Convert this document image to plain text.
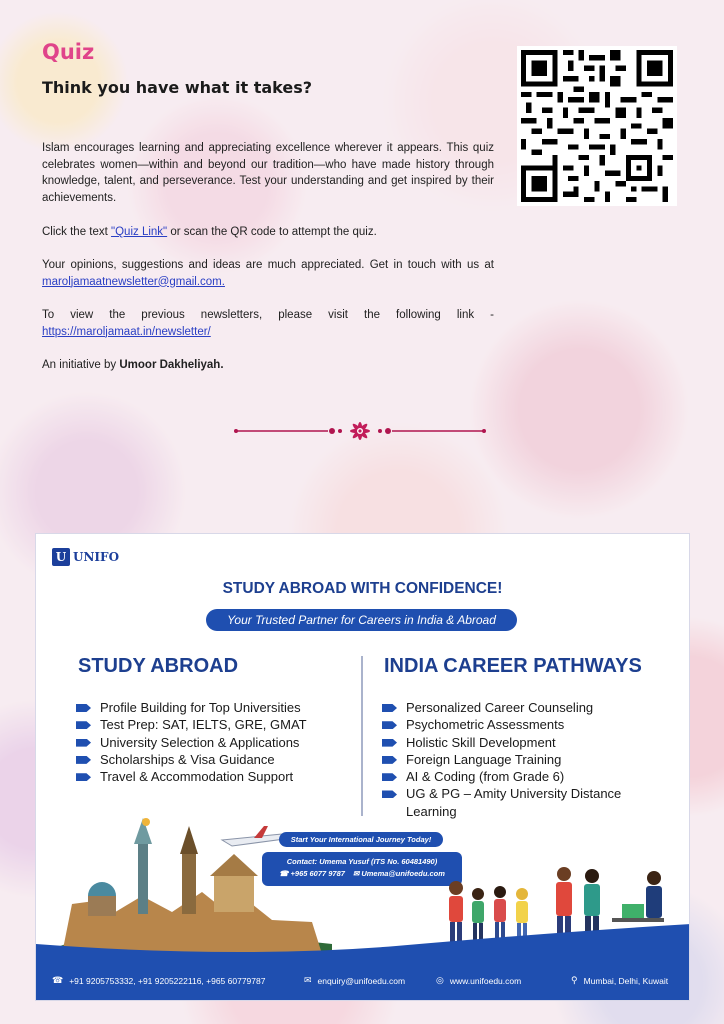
Quiz
Think you have what it takes?

Islam encourages learning and appreciating excellence wherever it appears. This quiz celebrates women—within and beyond our tradition—who have made history through knowledge, talent, and perseverance. Test your understanding and get inspired by their achievements.

Click the text "Quiz Link" or scan the QR code to attempt the quiz.

Your opinions, suggestions and ideas are much appreciated. Get in touch with us at maroljamaatnewsletter@gmail.com.

To view the previous newsletters, please visit the following link - https://maroljamaat.in/newsletter/

An initiative by Umoor Dakheliyah.

U UNIFO
STUDY ABROAD WITH CONFIDENCE!
Your Trusted Partner for Careers in India & Abroad
STUDY ABROAD	INDIA CAREER PATHWAYS
Profile Building for Top Universities
Test Prep: SAT, IELTS, GRE, GMAT
University Selection & Applications
Scholarships & Visa Guidance
Travel & Accommodation Support
Personalized Career Counseling
Psychometric Assessments
Holistic Skill Development
Foreign Language Training
AI & Coding (from Grade 6)
UG & PG – Amity University Distance Learning
Start Your International Journey Today!
Contact: Umema Yusuf (ITS No. 60481490)
☎ +965 6077 9787 ✉ Umema@unifoedu.com
☎ +91 9205753332, +91 9205222116, +965 60779787	✉ enquiry@unifoedu.com	◎ www.unifoedu.com	⚲ Mumbai, Delhi, Kuwait
